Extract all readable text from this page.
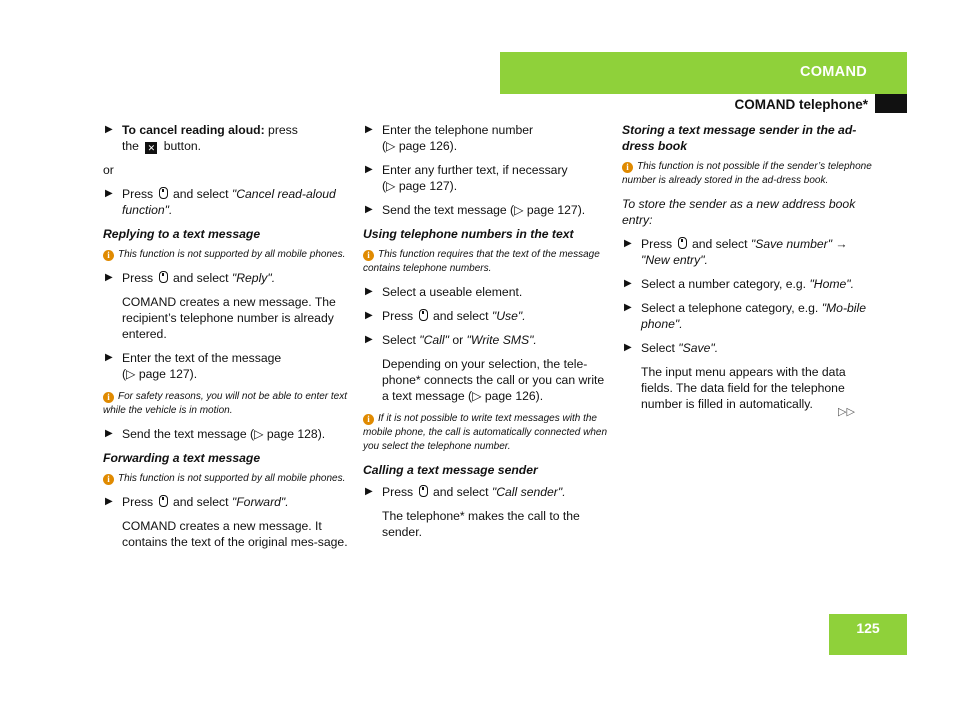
COMAND
COMAND telephone*
▶ To cancel reading aloud: press
the ✕ button.
or
▶ Press and select "Cancel read-aloud function".
Replying to a text message
i This function is not supported by all mobile phones.
▶ Press and select "Reply".
COMAND creates a new message. The recipient’s telephone number is already entered.
▶ Enter the text of the message
(▷ page 127).
i For safety reasons, you will not be able to enter text while the vehicle is in motion.
▶ Send the text message (▷ page 128).
Forwarding a text message
i This function is not supported by all mobile phones.
▶ Press and select "Forward".
COMAND creates a new message. It contains the text of the original mes-sage.
▶ Enter the telephone number
(▷ page 126).
▶ Enter any further text, if necessary
(▷ page 127).
▶ Send the text message (▷ page 127).
Using telephone numbers in the text
i This function requires that the text of the message contains telephone numbers.
▶ Select a useable element.
▶ Press and select "Use".
▶ Select "Call" or "Write SMS".
Depending on your selection, the tele-phone* connects the call or you can write a text message (▷ page 126).
i If it is not possible to write text messages with the mobile phone, the call is automatically connected when you select the telephone number.
Calling a text message sender
▶ Press and select "Call sender".
The telephone* makes the call to the sender.
Storing a text message sender in the ad-dress book
i This function is not possible if the sender’s telephone number is already stored in the ad-dress book.
To store the sender as a new address book entry:
▶ Press and select "Save number" → "New entry".
▶ Select a number category, e.g. "Home".
▶ Select a telephone category, e.g. "Mo-bile phone".
▶ Select "Save".
The input menu appears with the data fields. The data field for the telephone number is filled in automatically.
▷▷
125
